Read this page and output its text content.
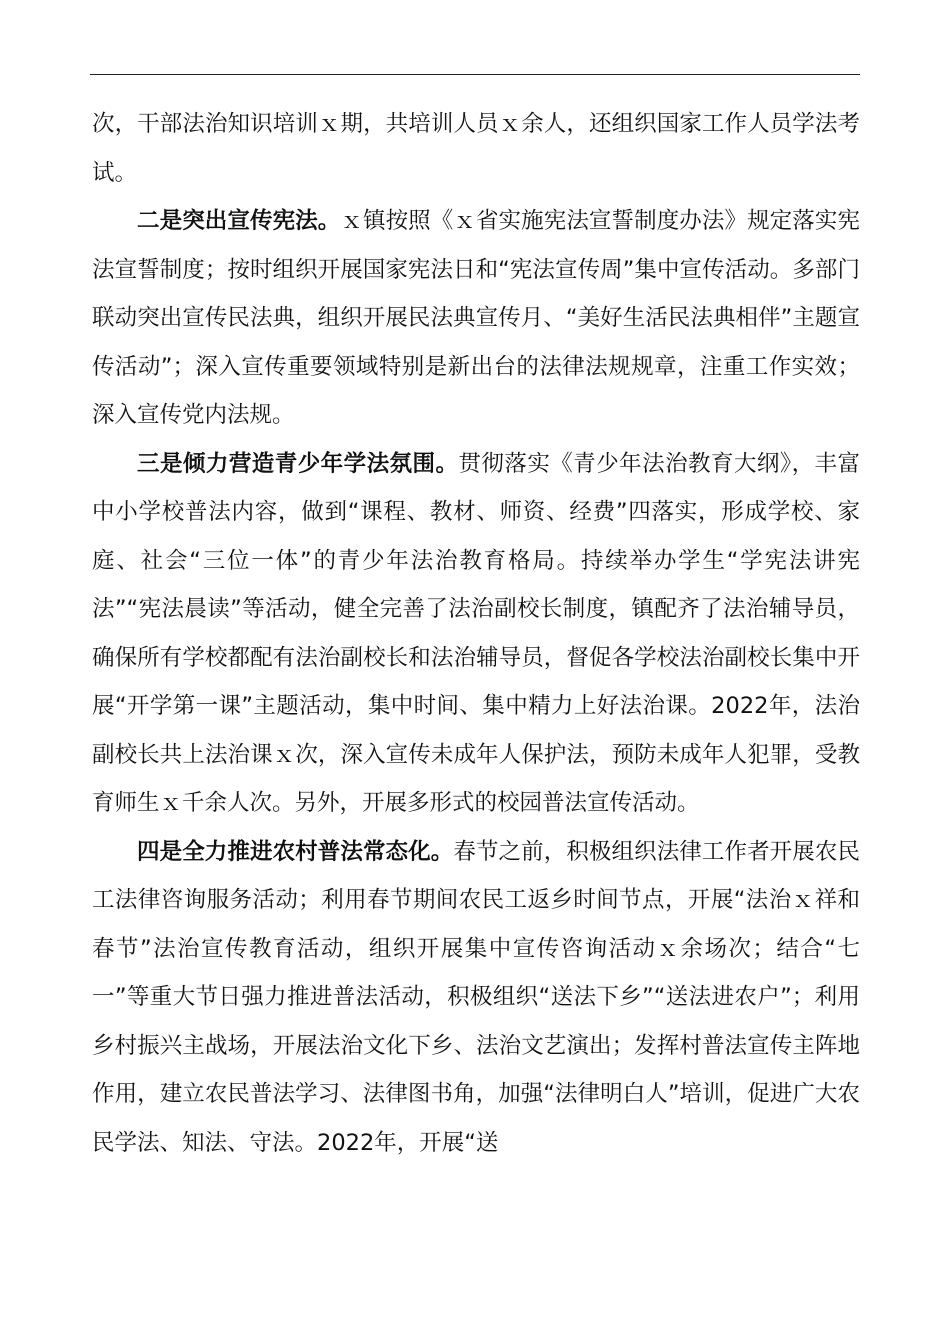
次，干部法治知识培训ｘ期，共培训人员ｘ余人，还组织国家工作人员学法考试。

二是突出宣传宪法。ｘ镇按照《ｘ省实施宪法宣誓制度办法》规定落实宪法宣誓制度；按时组织开展国家宪法日和“宪法宣传周”集中宣传活动。多部门联动突出宣传民法典，组织开展民法典宣传月、“美好生活民法典相伴”主题宣传活动”；深入宣传重要领域特别是新出台的法律法规规章，注重工作实效；深入宣传党内法规。

三是倾力营造青少年学法氛围。贯彻落实《青少年法治教育大纲》，丰富中小学校普法内容，做到“课程、教材、师资、经费”四落实，形成学校、家庭、社会“三位一体”的青少年法治教育格局。持续举办学生“学宪法讲宪法”“宪法晨读”等活动，健全完善了法治副校长制度，镇配齐了法治辅导员，确保所有学校都配有法治副校长和法治辅导员，督促各学校法治副校长集中开展“开学第一课”主题活动，集中时间、集中精力上好法治课。2022年，法治副校长共上法治课ｘ次，深入宣传未成年人保护法，预防未成年人犯罪，受教育师生ｘ千余人次。另外，开展多形式的校园普法宣传活动。

四是全力推进农村普法常态化。春节之前，积极组织法律工作者开展农民工法律咨询服务活动；利用春节期间农民工返乡时间节点，开展“法治ｘ祥和春节”法治宣传教育活动，组织开展集中宣传咨询活动ｘ余场次；结合“七一”等重大节日强力推进普法活动，积极组织“送法下乡”“送法进农户”；利用乡村振兴主战场，开展法治文化下乡、法治文艺演出；发挥村普法宣传主阵地作用，建立农民普法学习、法律图书角，加强“法律明白人”培训，促进广大农民学法、知法、守法。2022年，开展“送
